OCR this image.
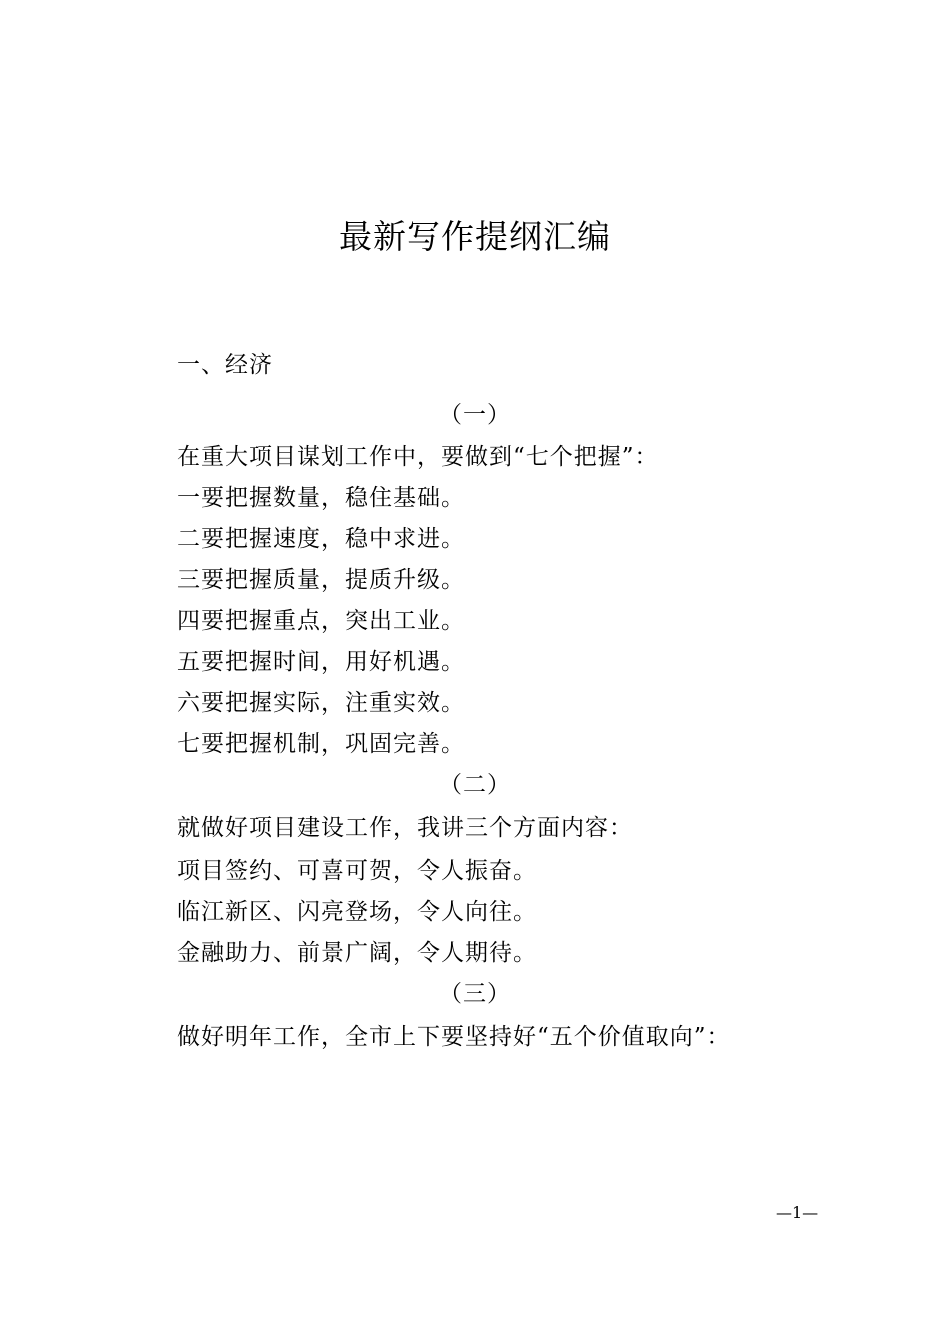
最新写作提纲汇编
一、经济
（一）
在重大项目谋划工作中，要做到“七个把握”：
一要把握数量，稳住基础。
二要把握速度，稳中求进。
三要把握质量，提质升级。
四要把握重点，突出工业。
五要把握时间，用好机遇。
六要把握实际，注重实效。
七要把握机制，巩固完善。
（二）
就做好项目建设工作，我讲三个方面内容：
项目签约、可喜可贺，令人振奋。
临江新区、闪亮登场，令人向往。
金融助力、前景广阔，令人期待。
（三）
做好明年工作，全市上下要坚持好“五个价值取向”：
—1—
